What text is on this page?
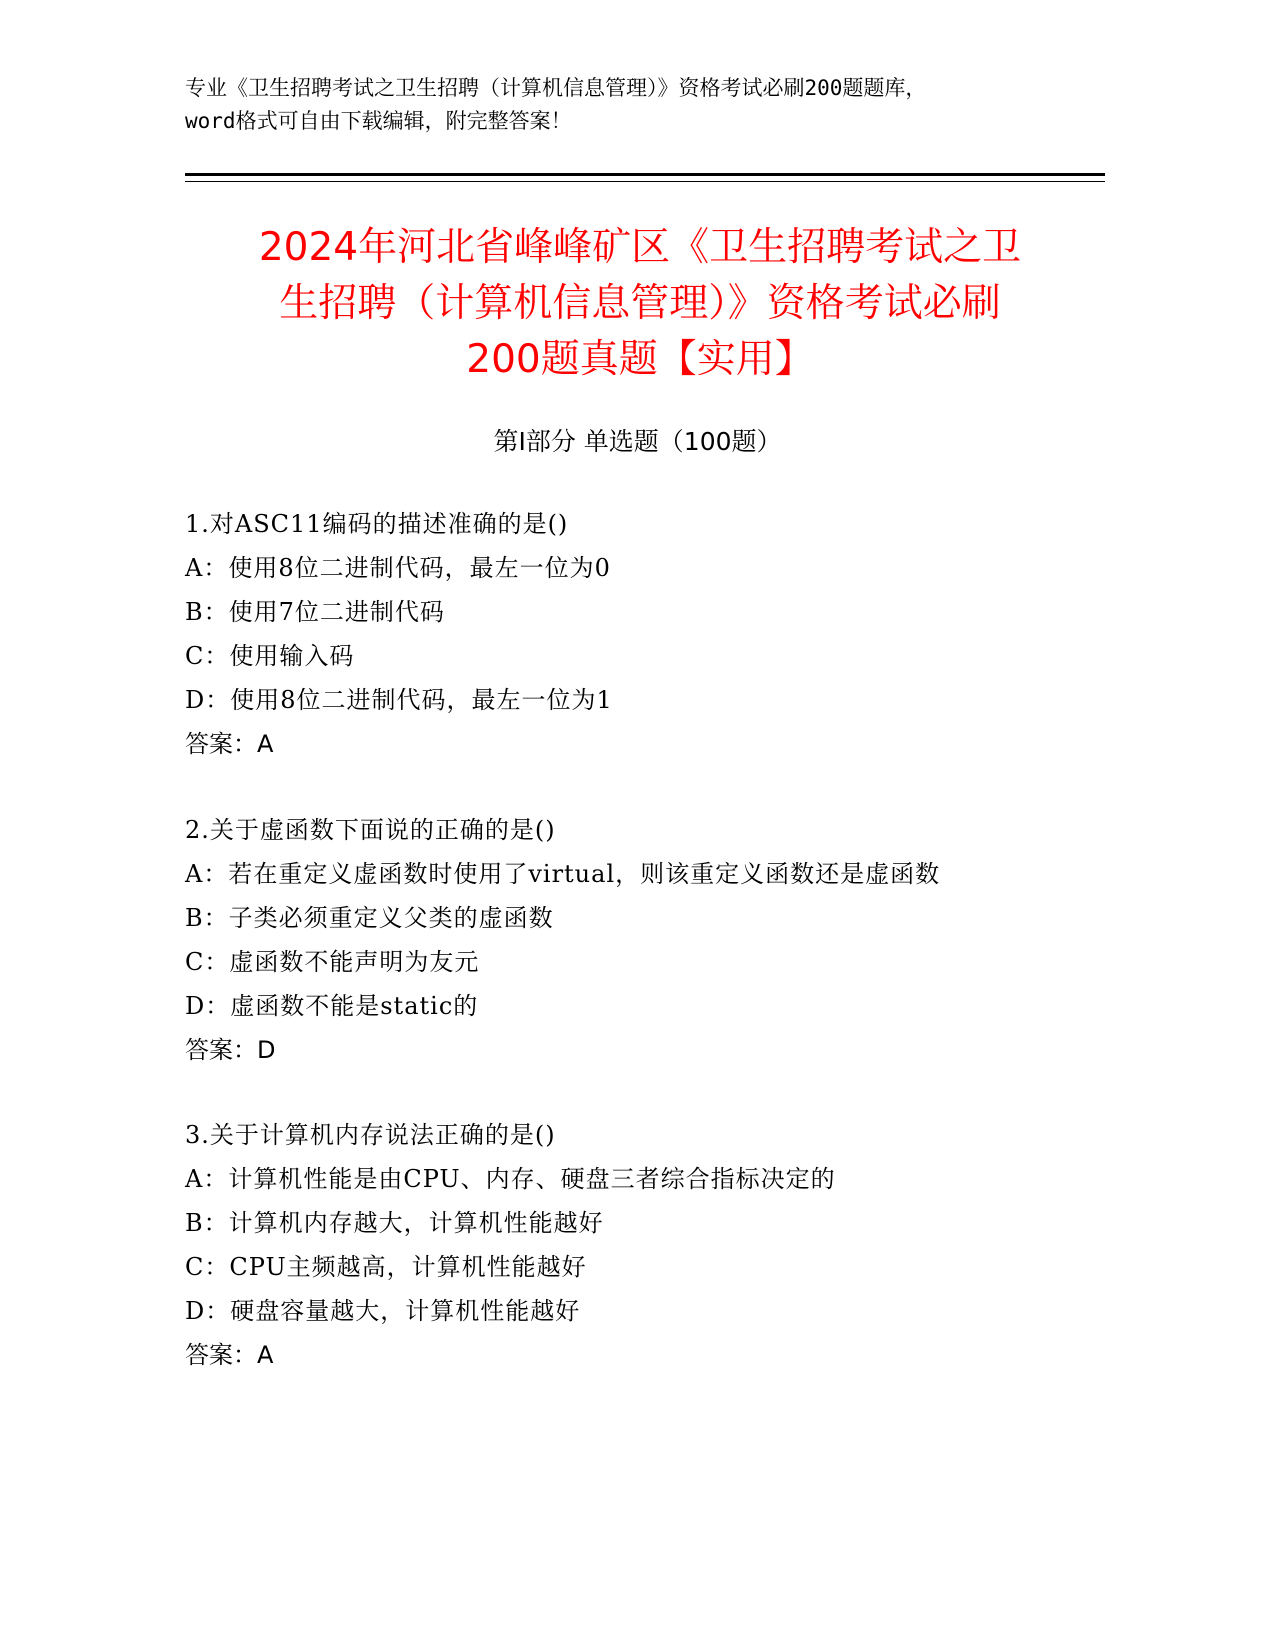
专业《卫生招聘考试之卫生招聘（计算机信息管理）》资格考试必刷200题题库，
word格式可自由下载编辑，附完整答案！
2024年河北省峰峰矿区《卫生招聘考试之卫
生招聘（计算机信息管理）》资格考试必刷
200题真题【实用】
第Ⅰ部分 单选题（100题）
1.对ASC11编码的描述准确的是()
A：使用8位二进制代码，最左一位为0
B：使用7位二进制代码
C：使用输入码
D：使用8位二进制代码，最左一位为1
答案：A
2.关于虚函数下面说的正确的是()
A：若在重定义虚函数时使用了virtual，则该重定义函数还是虚函数
B：子类必须重定义父类的虚函数
C：虚函数不能声明为友元
D：虚函数不能是static的
答案：D
3.关于计算机内存说法正确的是()
A：计算机性能是由CPU、内存、硬盘三者综合指标决定的
B：计算机内存越大，计算机性能越好
C：CPU主频越高，计算机性能越好
D：硬盘容量越大，计算机性能越好
答案：A
